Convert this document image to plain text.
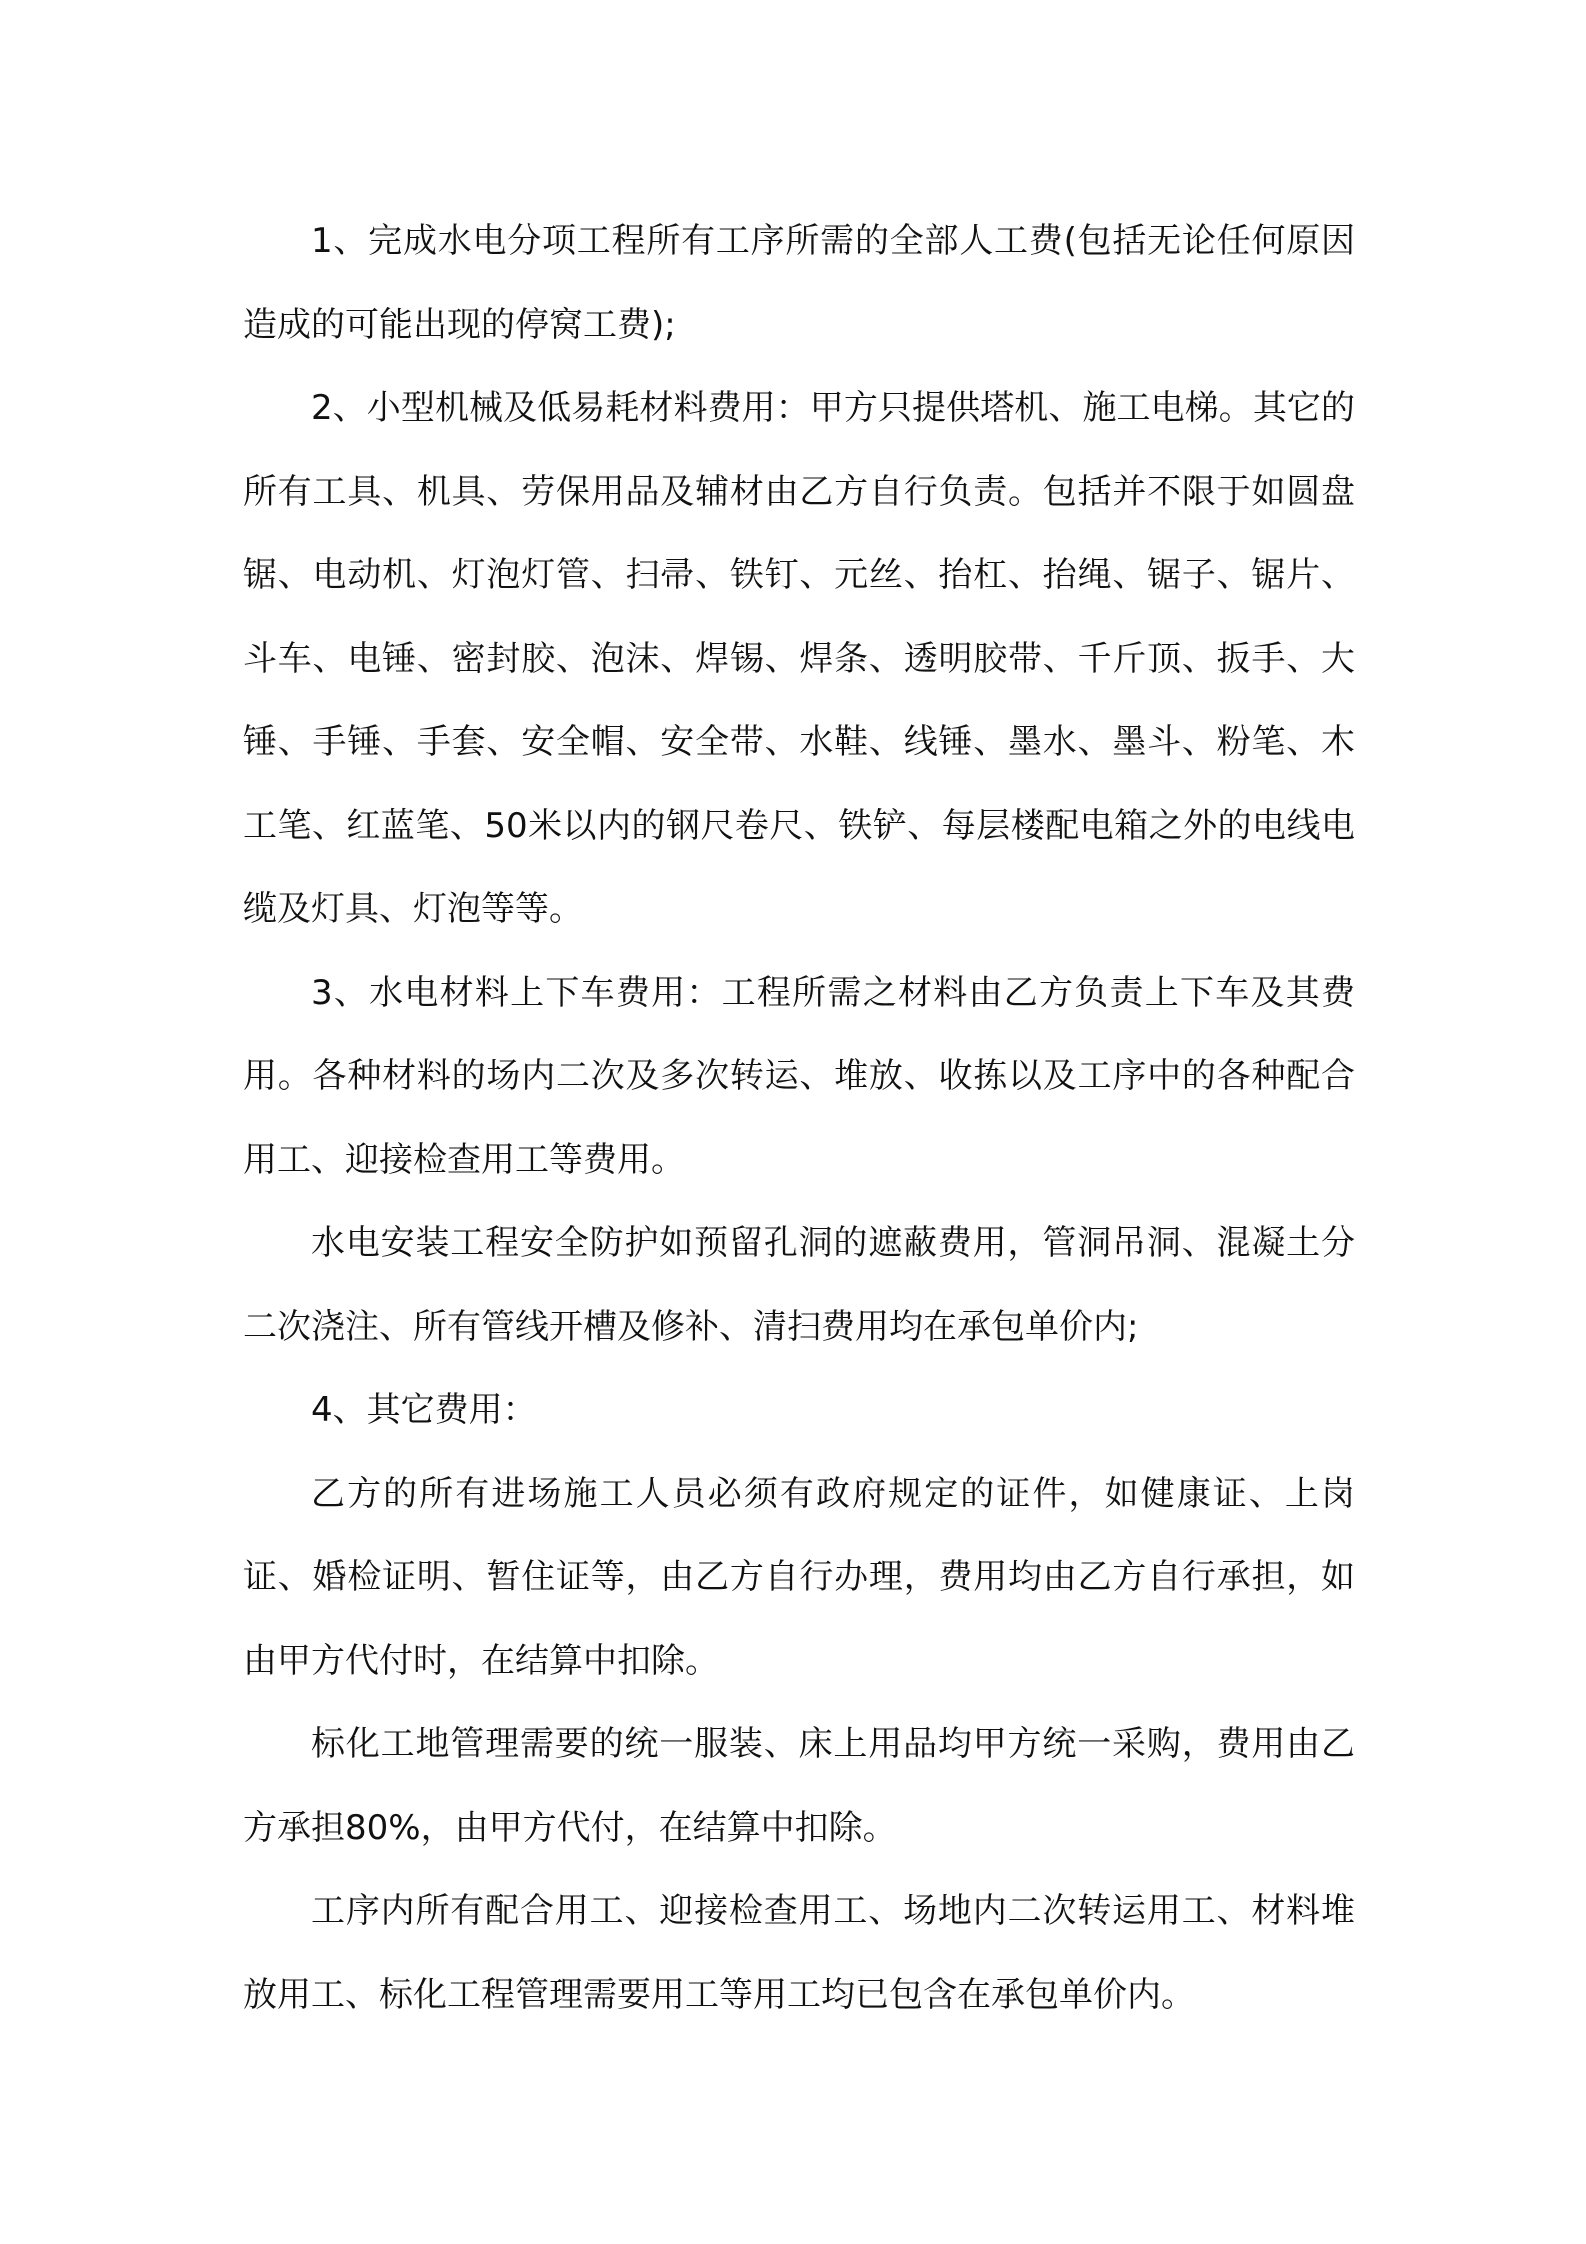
1、完成水电分项工程所有工序所需的全部人工费(包括无论任何原因造成的可能出现的停窝工费);

2、小型机械及低易耗材料费用：甲方只提供塔机、施工电梯。其它的所有工具、机具、劳保用品及辅材由乙方自行负责。包括并不限于如圆盘锯、电动机、灯泡灯管、扫帚、铁钉、元丝、抬杠、抬绳、锯子、锯片、斗车、电锤、密封胶、泡沫、焊锡、焊条、透明胶带、千斤顶、扳手、大锤、手锤、手套、安全帽、安全带、水鞋、线锤、墨水、墨斗、粉笔、木工笔、红蓝笔、50米以内的钢尺卷尺、铁铲、每层楼配电箱之外的电线电缆及灯具、灯泡等等。

3、水电材料上下车费用：工程所需之材料由乙方负责上下车及其费用。各种材料的场内二次及多次转运、堆放、收拣以及工序中的各种配合用工、迎接检查用工等费用。

水电安装工程安全防护如预留孔洞的遮蔽费用，管洞吊洞、混凝土分二次浇注、所有管线开槽及修补、清扫费用均在承包单价内;

4、其它费用：

乙方的所有进场施工人员必须有政府规定的证件，如健康证、上岗证、婚检证明、暂住证等，由乙方自行办理，费用均由乙方自行承担，如由甲方代付时，在结算中扣除。

标化工地管理需要的统一服装、床上用品均甲方统一采购，费用由乙方承担80%，由甲方代付，在结算中扣除。

工序内所有配合用工、迎接检查用工、场地内二次转运用工、材料堆放用工、标化工程管理需要用工等用工均已包含在承包单价内。
